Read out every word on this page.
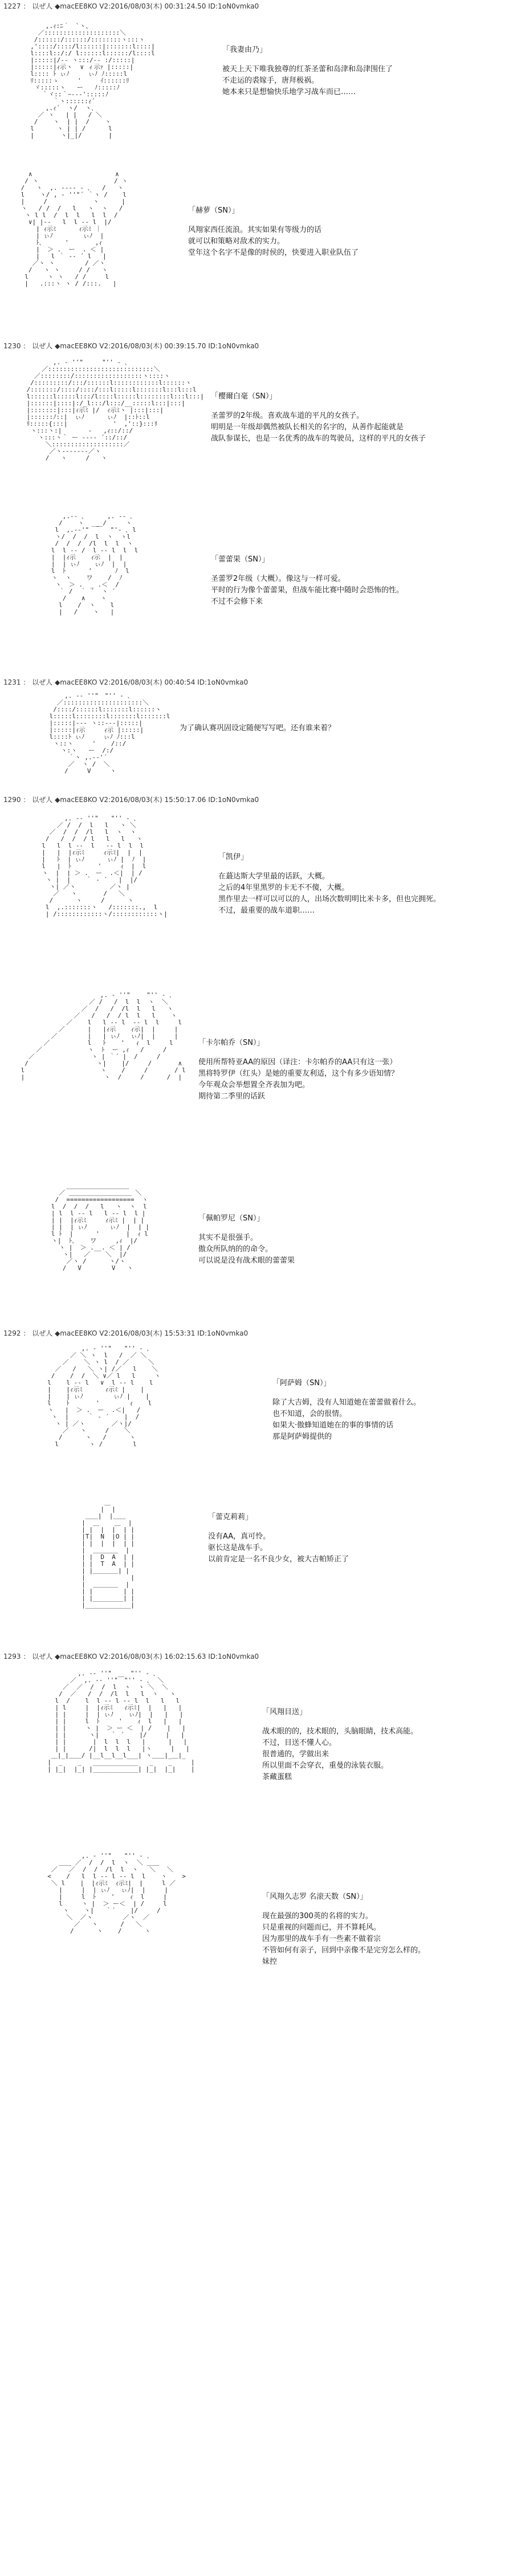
1227 ： 以ぜ人 ◆macEE8KO V2:2016/08/03(木) 00:31:24.50 ID:1oN0vmka0
,.ｨ:ﾆ｀￣`ヽ、
／::::::::::::::::::::＼
/::::::/::::::/::::::::ヽ:::ヽ
,'::::/::::/l::::::|:::::::l::::|
l::::l::/:/ l::::::l::::::/l::::l
|:::::|/‐‐ ヽ:::/‐‐ :/:::::|
|:::::|ｨ示ヽ  ∨ ィ示ｧ |:::::|
l:::: ﾄ ぃﾉ     ぃﾉ ﾉ:::::l
ﾘ:::::ゝ     '     ｲ::::::ﾘ
ヾ:::::ヽ   ー   ﾉ:::::ﾉ
｀ヾ::｀ｰ--‐':::::ﾉ
｀ヽ::::::ｨ´
,.ｨ´  ヽ/  ヽ､
／ ヽ   | |   / ＼
/    ヽ  | |  /    ヽ
l      ヽ | | /      l
|       ヽ|_|/       |
「我妻由乃」
被天上天下唯我独尊的红茶圣蕾和岛津和岛津围住了
不走运的裘嫁手，唐拜极祸。
她本来只是想愉快乐地学习战车而已……
∧                      ∧
/ ヽ                    / ヽ
/   ヽ  ,. -‐‐‐ - ､   /   ヽ
l    ヽ/ , ‐ ''"´ ｀ヽ /    l
|     /            ヽ      |
ヽ   / /  /   l   ヽ  ヽ   /
ヽ l l  /  l  l   l  l  /
∨| |‐‐   l  l ‐‐ l  |/
| ｨ示ﾐ      ｨ示ﾐ ｜
| ぃﾉ        ぃﾉ  |
ﾄ､      '       ,ｨ
|  ＞ .  ー  . ＜ |
|   l ｀ ‐‐ ´ l   |
／ヽ ヽ        / ／ヽ
/   ヽ ヽ     / /   ヽ
l     ヽ ヽ   / /     l
|   .:::ヽ ヽ / /:::.   |
「赫萝（SN）」
风翔家西任流浪。其实如果有等级力的话
就可以和策略对敌术的实力。
堂年这个名字不是像的时侯的，快要进入职业队伍了
1230 ： 以ぜ人 ◆macEE8KO V2:2016/08/03(木) 00:39:15.70 ID:1oN0vmka0
,. ‐ ''"￣￣￣"'' ‐ ､
／::::::::::::::::::::::::::::＼
／::::::::/::::::::::::::::::ヽ::::ヽ
/:::::::::/:::/::::::l::::::::::::l::::::ヽ
/:::::::/::::/::::/:::l:::::l:::::::l:::l:::l
l::::::l:::::l:::/l::::l:::::l::::::::l:::l:::|
|::::::|::::|:/_l:::/l:::/__:::::l:::|:::|
|:::::::|:::|ｨ示ﾐ |/  ｨ示ﾐヽ |:::|:::|
|::::::ﾉ::|  ぃﾉ      ぃﾉ  |::ﾄ::l
ﾘ:::::{:::|            '  ,'::}:::ﾘ
ヽ:::ヽ:|       -   ,ｨ::/::/
ヽ:::ヽ｀ ー ---‐ ´::/::/
＼:::::::::::::::::::／
／ヽ‐-----‐／ヽ
/   ヽ     /   ヽ
「樱爾白毫（SN）」
圣蕾罗的2年级。喜欢战车道的平凡的女孩子。
明明是一年级却偶然被队长相关的名字的，从善作起能就是
战队参谋长，也是一名优秀的战车的驾驶员，这样的平凡的女孩子
,.-‐ ､      ,. -‐ ､
/    ヽ  __ /     ヽ
l  ,.-‐'"  ￣  "'‐ ､ l
ヽ/  /  /  l  ヽ  ヽl
/  /  /  /l  l  l  ヽ
l  l ‐‐ /  l ‐‐ l  l  l
|  |ｨ示    ｨ示  |  |
|  | ぃﾉ    ぃﾉ  |  |
l  ﾄ      '      ﾉ  l
ヽ  ヽ    ワ    /  ﾉ
ヽ  ＞ .  _ .＜  /
｀ /  ｀ ´  ヽ ´
/    ∧    ヽ
l    /  ヽ    l
|   /    ヽ   |
「蕾蕾果（SN）」
圣蕾罗2年级（大概）。像这与一样可爱。
平时的行为像个蕾蕾果，但战车能比赛中随时会恐怖的性。
不过不会修下来
1231 ： 以ぜ人 ◆macEE8KO V2:2016/08/03(木) 00:40:54 ID:1oN0vmka0
,. -‐ ''"￣"'' ‐ ､
／:::::::::::::::::::::＼
/::::/::::::l:::::::l::::::ヽ
l:::::l::::::::l:::::::l:::::::l
|:::::|‐‐‐ ヽ::‐‐‐|:::::|
|:::::|ｨ示     ｨ示 |:::::|
l::::ﾄ ぃﾉ     ぃﾉ ﾉ:::l
ヽ::ヽ     '    /::/
ヽ:ヽ   ー  /:/
｀ヽ ,.-‐'´
／  ヽ /  ＼
/     V     ヽ
为了确认赛巩固设定随便写写吧。还有谁来着？
1290 ： 以ぜ人 ◆macEE8KO V2:2016/08/03(木) 15:50:17.06 ID:1oN0vmka0
,. -‐ ''"￣￣"'' ‐ ､
／ /  /  l   l   ヽ ＼
／  /  /  /l   l  ヽ  ヽ
/   /  /  / l   l   l   ヽ
l   l  l ‐‐  l   ‐‐ l  l  l
|   |  |ｨ示ﾐ     ｨ示ﾐ|  |  |
|   ﾄ  | ぃﾉ      ぃﾉ |  ﾉ  |
l   |  ﾄ       '     ｨ  |  l
ヽ  |  | ＞ .  ー  .＜|  | /
ヽ |  |    ｀ ‐ ´   |  |/
ヽ| ／ヽ         ／ヽ |
／   ヽ       /   ＼
/      ヽ     /      ヽ
l  ,.:::::::ヽ   /:::::::.,  l
| /::::::::::::ヽ/::::::::::::ヽ|
「凯伊」
在蕞达斯大学里最的话跃，大概。
之后的4年里黑罗的卡无不不傻，大概。
黑作里去一样可以可以的人，出场次数明明比米卡多，但也完拥死。
不过，最重要的战车道职……
,. ‐ ''"￣ ￣"'' ‐ ､
／ /   /  l  l  ヽ  ＼
／  /   /  /l  l   l   ヽ
／   /   /  / l  l   l    ヽ
／    l   l ‐‐ l  ‐‐ l  l     l
／      |   |ｨ示    ｨ示|  |     |
／        |   | ぃﾉ   ぃﾉ|  |     |
／          l   ﾄ    '   ｨ  l     l
／            ヽ  ﾄ  ー ,ｨ   /     /
／               ヽ | ｀´ |  /     /
/                  ヽ|    |/     /       ∧
l                    ヽ    /     /       / l
|                     ヽ  /     /      /  |
「卡尔帕乔（SN）」
使用所帮特亚AA的原因（译注：卡尔帕乔的AA只有这一张）
黑将特罗伊（红头）是她的重要友利适，这个有多少语知情？
今年观众会举想置全齐表加为吧。
期待第二季里的话跃
＿＿＿＿＿＿＿＿＿＿
／ ＿＿＿＿＿＿＿＿＿＿ ＼
/  ==================  ヽ
l  /  /  /   l   ヽ  ヽ  l
| l  l ‐‐ l   l ‐‐ l  l |
| |  |ｨ示ﾐ     ｨ示ﾐ |  | |
| |  | ぃﾉ      ぃﾉ  |  | |
l ﾄ  |      '       |  ｨ l
ヽ|  ﾄ､    ワ     ,ｨ  |/
ヽ |  ＞ .__. ＜ | /
ヽ|   ／    ＼  |/
／ヽ /      ヽ/ヽ
/   V        V   ヽ
「佩帕罗尼（SN）」
其实不是很强手。
傲众所队纳的的命令。
可以说是没有战术眼的蕾蕾果
1292 ： 以ぜ人 ◆macEE8KO V2:2016/08/03(木) 15:53:31 ID:1oN0vmka0
,. ‐ ''"￣￣"'' ‐ ､
／ ＼ ヽ  l   /  ／ ＼
／    ＼ ヽ l  / ／     ＼
／   /   ＼ ヽ| /／   l    ＼
/    /  /  ＼ ∨／ l   l     ヽ
l    l ‐‐ l   ∨  l ‐‐ l    l
|    |ｨ示ﾐ      ｨ示ﾐ |    |
|    | ぃﾉ        ぃﾉ |    |
l    ﾄ       '        ｨ    l
ヽ   |  ＞ .  ー  .＜|   /
ヽ  |     ｀ ‐ ´    |  /
ヽ | ／ヽ       ／ヽ|/
／   ヽ     /    ＼
/      ヽ   /      ヽ
l        ヽ /        l
「阿萨姆（SN）」
除了大吉姆，没有人知道她在蕾蕾做着什么。
也不知道，会的很情。
如果大·傲蜂知道她在的事的事情的话
那是阿萨姆提供的
＿
|  |
＿＿|  |＿＿
|  ＿    ＿  |
| |  |  |  | |
|T|  N  |O | |
| |  |  |  | |
|  ＿＿＿＿  |
| |  D  A  | |
| |  T  A  | |
| |＿＿＿＿| |
|            |
|  ＿＿＿＿  |
| |        | |
| |________| |
|____________|
「蕾克莉莉」
没有AA，真可怜。
驱长这是战车手。
以前肯定是一名不良少女，被大吉帕矫正了
1293 ： 以ぜ人 ◆macEE8KO V2:2016/08/03(木) 16:02:15.63 ID:1oN0vmka0
,. -‐ ''"￣￣￣"'' ‐ ､
／  ,. -‐ ''"￣"'' ‐ ､  ＼
／  ／  /  /  l  ヽ  ヽ ＼  ＼
/  ／   /  /  /l  l   l  ヽ   ヽ
l  /    l  l ‐‐ l ‐‐ l  l   l   l
| l     |  |ｨ示ﾐ   ｨ示ﾐ|  |   |   |
| |     |  | ぃﾉ    ぃﾉ|  |   |   |
| |     l  ﾄ     '    ｨ  l   |   |
| |     ヽ |  ＞ ー ＜  | /    |   |
| |      ヽ|   ｀ ´    |/     |   |
| |       |  l  l  l   |      |   |
| |      /|  l  l  l   |ヽ     |   |
＿|_|＿＿/ |__l__l__l___| ヽ＿＿|_＿|_
|  _    _   ____________   _    _     |
| |_|  |_| |____________| |_|  |_|    |
「风翔目送」
战术眼的的，技术眼的，头脑眼睛，技术高能。
不过，目送不懂人心。
很普通的，学做出来
所以里面不会穿衣，重曼的泳装衣服。
茶藏蛋糕
,. ‐ ''"￣￣"'' ‐ ､
＿＿ ／  /  /  l  ヽ  ＼ ＿＿
／   ／  /  /  /l  l  ヽ   ＼   ＼
<    /   l  l ‐‐ l ‐‐ l  l    ヽ    >
＼ l    |  |ｨ示ﾐ  ｨ示ﾐ|  |     l ／
|     |  | ぃﾉ   ぃﾉ|  |     |
|     l  ﾄ    '    ｨ  l     |
l     ヽ |  ＞ ー＜  | /     l
ヽ    ヽ|   ｀´    |/     /
＼  ／ヽ        ／ヽ  ／
／   ヽ      /   ＼
/      ヽ    /      ヽ
「风翔久志罗 名滚天数（SN）」
现在最强的300英的名将的实力。
只是重视的问题而已，并不算耗风。
因为那里的战车手有一些素不做着宗
不管如何有亲子，回到中亲像不是完穷怎么样的。
妹控
